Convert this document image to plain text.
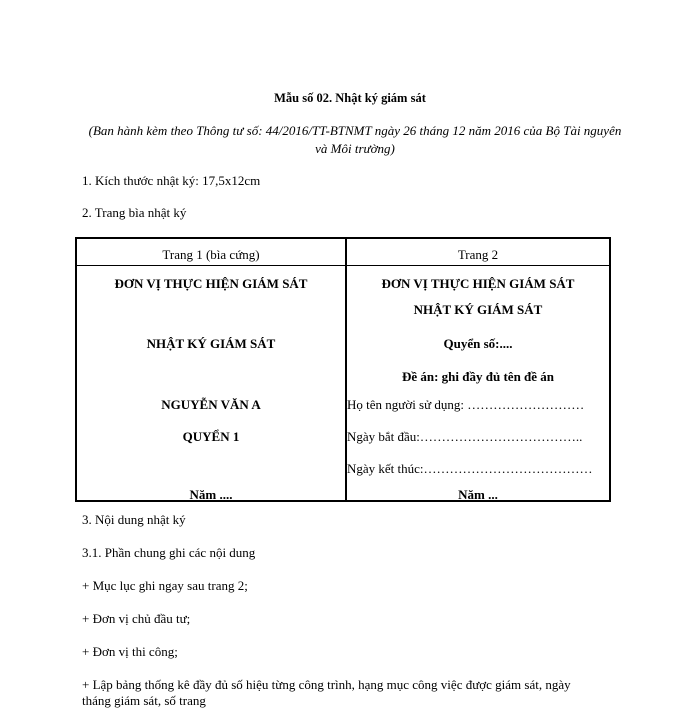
Mẫu số 02. Nhật ký giám sát
(Ban hành kèm theo Thông tư số: 44/2016/TT-BTNMT ngày 26 tháng 12 năm 2016 của Bộ Tài nguyên và Môi trường)
1. Kích thước nhật ký: 17,5x12cm
2. Trang bìa nhật ký
Trang 1 (bìa cứng)	Trang 2
ĐƠN VỊ THỰC HIỆN GIÁM SÁT
NHẬT KÝ GIÁM SÁT
NGUYỄN VĂN A
QUYỂN 1
Năm ....
ĐƠN VỊ THỰC HIỆN GIÁM SÁT
NHẬT KÝ GIÁM SÁT
Quyển số:....
Đề án: ghi đầy đủ tên đề án
Họ tên người sử dụng: ………………………
Ngày bắt đầu:………………………………..
Ngày kết thúc:…………………………………
Năm ...
3. Nội dung nhật ký
3.1. Phần chung ghi các nội dung
+ Mục lục ghi ngay sau trang 2;
+ Đơn vị chủ đầu tư;
+ Đơn vị thi công;
+ Lập bảng thống kê đầy đủ số hiệu từng công trình, hạng mục công việc được giám sát, ngày
tháng giám sát, số trang
